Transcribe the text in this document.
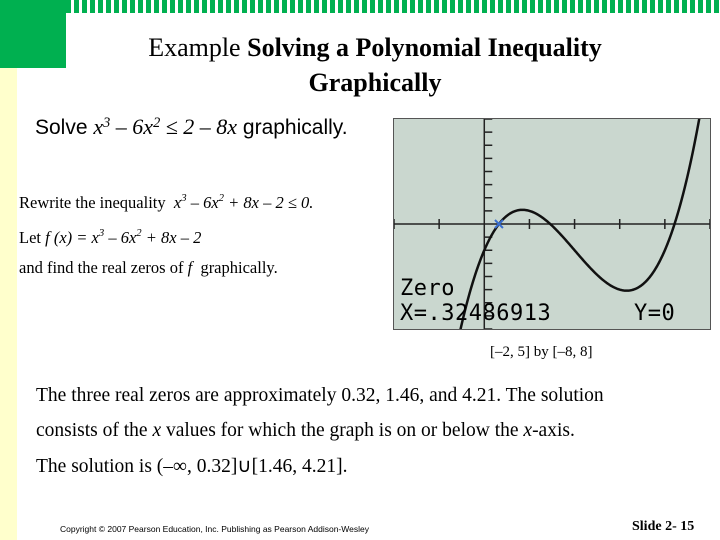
Example Solving a Polynomial Inequality
Graphically
Solve $x^3 - 6x^2 \le 2 - 8x$ graphically.
Rewrite the inequality $x^3 - 6x^2 + 8x - 2 \le 0$.
Let f $(x) = x^3 - 6x^2 + 8x - 2$
and find the real zeros of f graphically.
Zero
X=.32486913	Y=0
[–2, 5] by [–8, 8]
The three real zeros are approximately 0.32, 1.46, and 4.21. The solution
consists of the x values for which the graph is on or below the x-axis.
The solution is (–∞, 0.32]∪[1.46, 4.21].
Copyright © 2007 Pearson Education, Inc. Publishing as Pearson Addison-Wesley	Slide 2- 15
